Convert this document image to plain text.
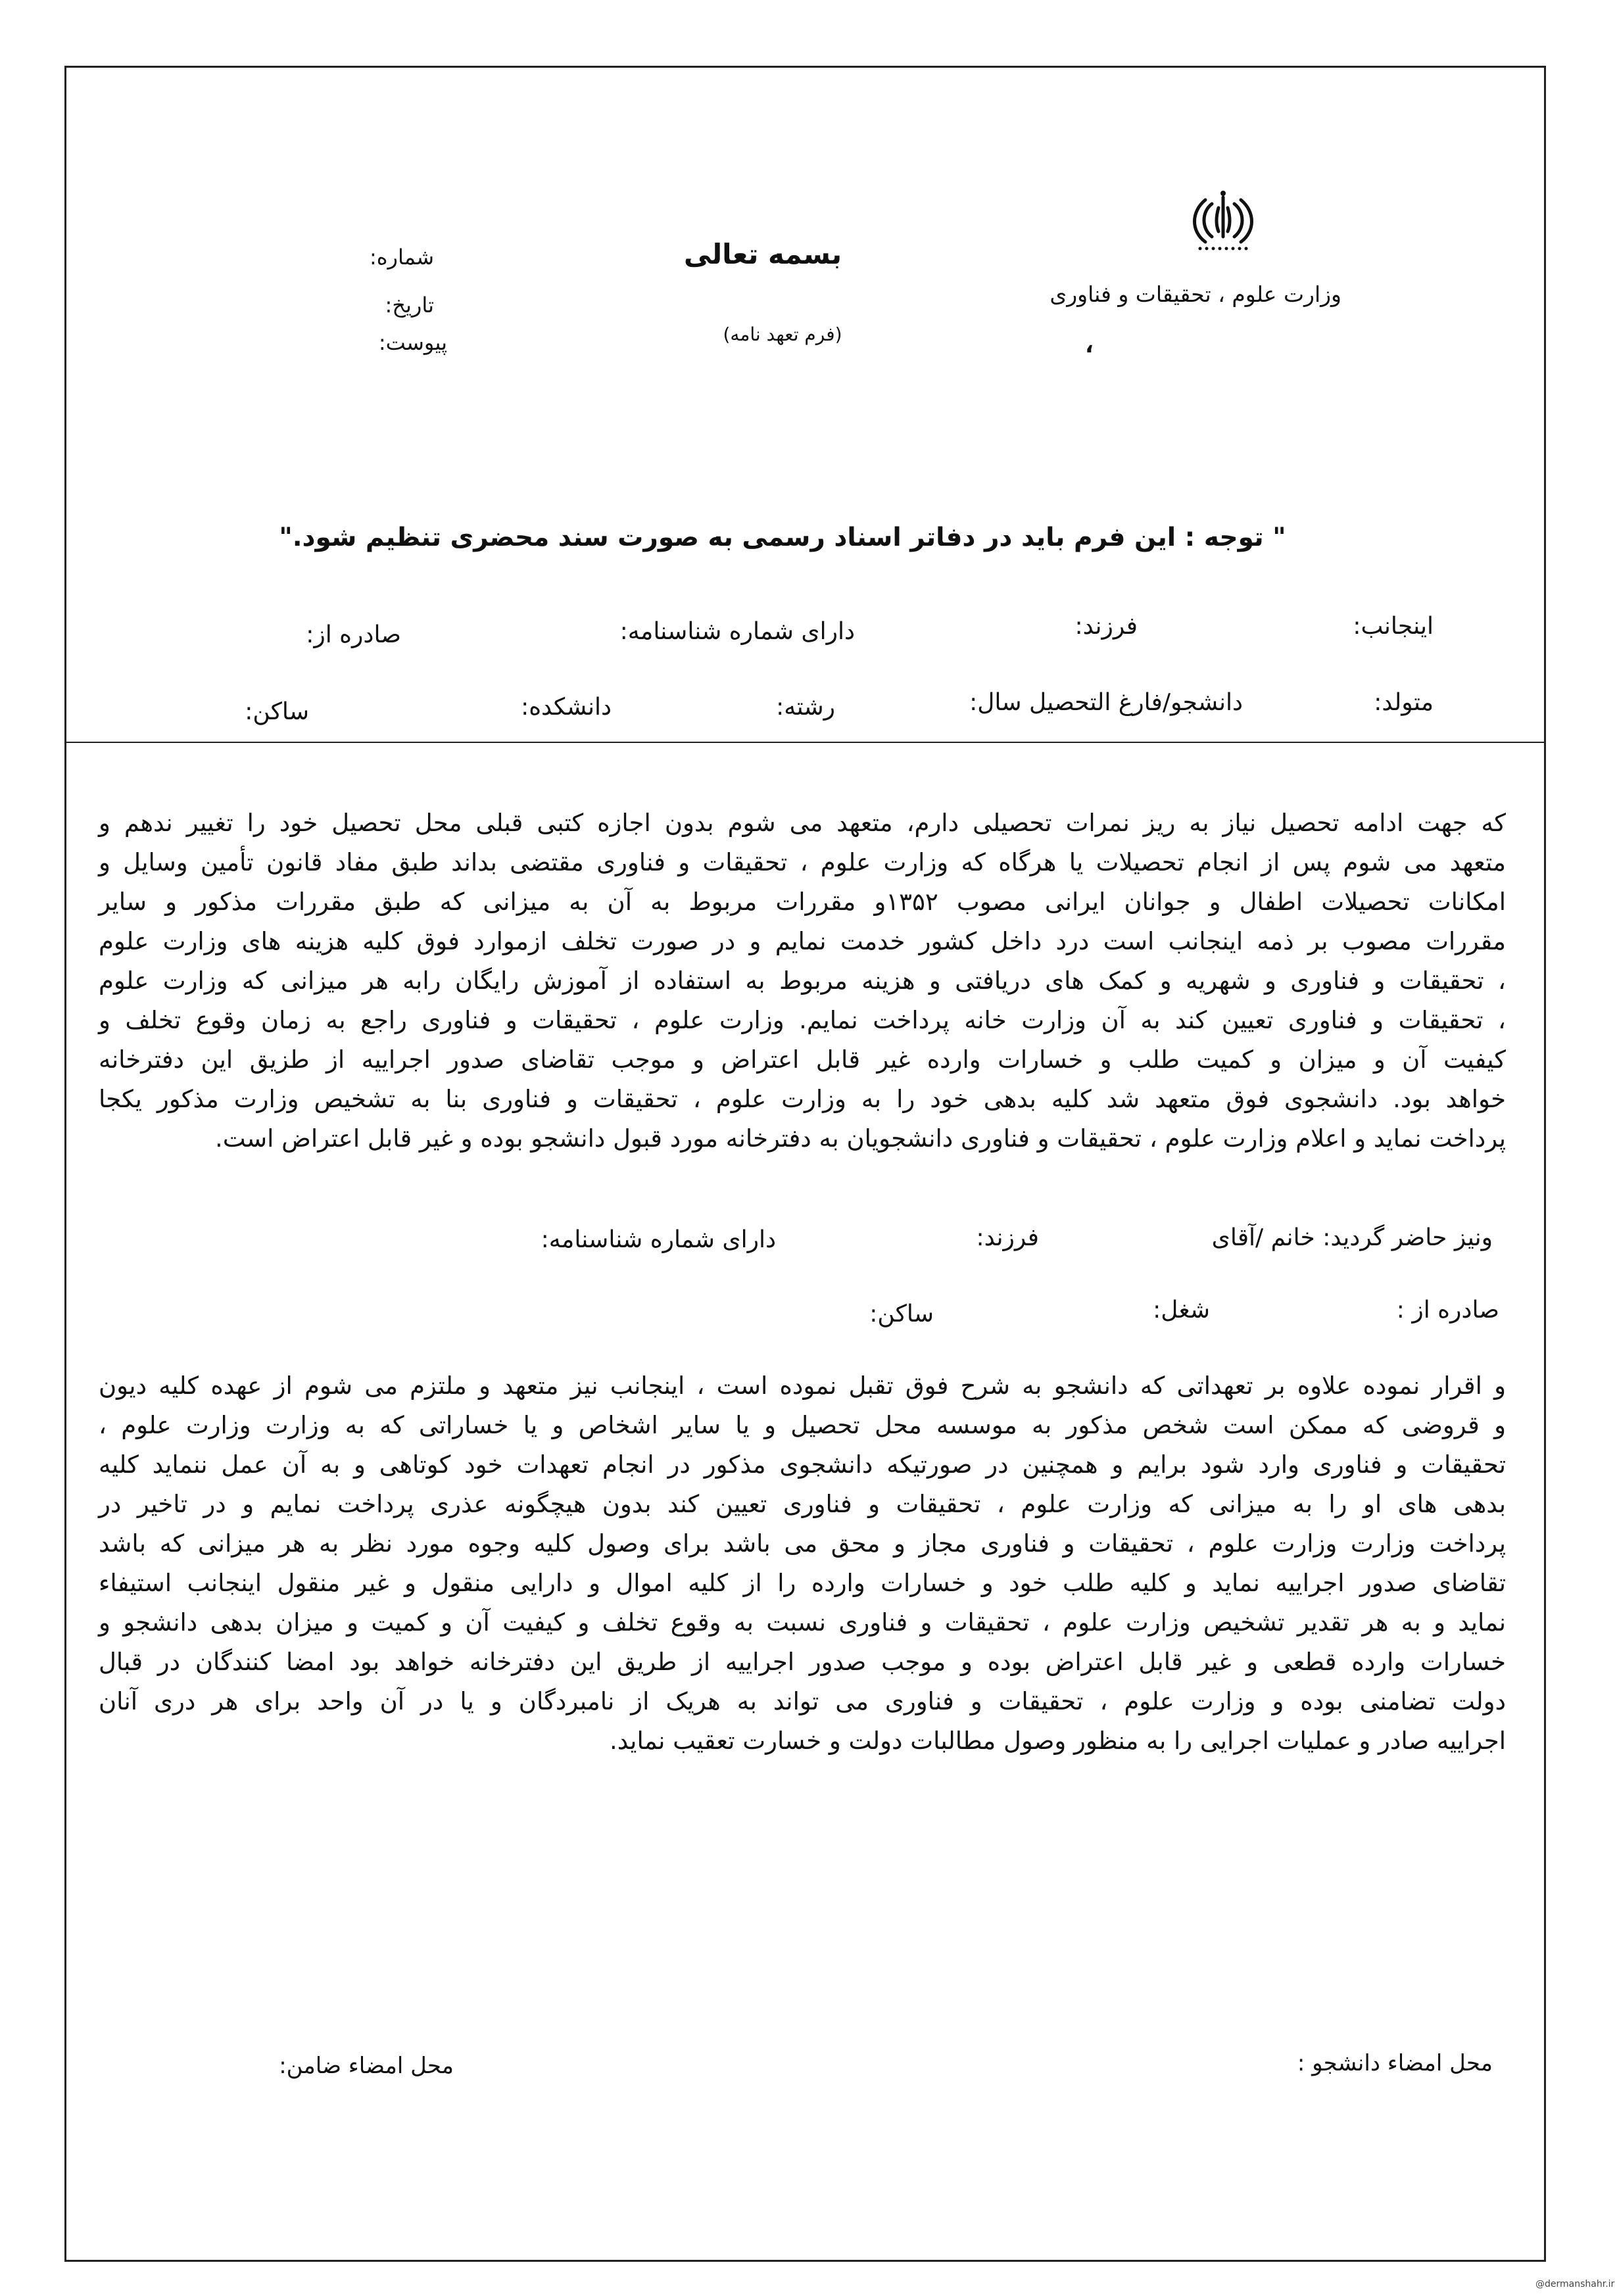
وزارت علوم ، تحقیقات و فناوری
،
بسمه تعالی
(فرم تعهد نامه)
شماره:
تاریخ:
پیوست:
" توجه : این فرم باید در دفاتر اسناد رسمی به صورت سند محضری تنظیم شود."
اینجانب:
فرزند:
دارای شماره شناسنامه:
صادره از:
متولد:
دانشجو/فارغ التحصیل سال:
رشته:
دانشکده:
ساکن:
که جهت ادامه تحصیل نیاز به ریز نمرات تحصیلی دارم، متعهد می شوم بدون اجازه کتبی قبلی محل تحصیل خود را تغییر ندهم و
متعهد می شوم پس از انجام تحصیلات یا هرگاه که وزارت علوم ، تحقیقات و فناوری مقتضی بداند طبق مفاد قانون تأمین وسایل و
امکانات تحصیلات اطفال و جوانان ایرانی مصوب ۱۳۵۲و مقررات مربوط به آن به میزانی که طبق مقررات مذکور و سایر
مقررات مصوب بر ذمه اینجانب است درد داخل کشور خدمت نمایم و در صورت تخلف ازموارد فوق کلیه هزینه های وزارت علوم
، تحقیقات و فناوری و شهریه و کمک های دریافتی و هزینه مربوط به استفاده از آموزش رایگان رابه هر میزانی که وزارت علوم
، تحقیقات و فناوری تعیین کند به آن وزارت خانه پرداخت نمایم. وزارت علوم ، تحقیقات و فناوری راجع به زمان وقوع تخلف و
کیفیت آن و میزان و کمیت طلب و خسارات وارده غیر قابل اعتراض و موجب تقاضای صدور اجراییه از طزیق این دفترخانه
خواهد بود. دانشجوی فوق متعهد شد کلیه بدهی خود را به وزارت علوم ، تحقیقات و فناوری بنا به تشخیص وزارت مذکور یکجا
پرداخت نماید و اعلام وزارت علوم ، تحقیقات و فناوری دانشجویان به دفترخانه مورد قبول دانشجو بوده و غیر قابل اعتراض است.
ونیز حاضر گردید: خانم /آقای
فرزند:
دارای شماره شناسنامه:
صادره از :
شغل:
ساکن:
و اقرار نموده علاوه بر تعهداتی که دانشجو به شرح فوق تقبل نموده است ، اینجانب نیز متعهد و ملتزم می شوم از عهده کلیه دیون
و قروضی که ممکن است شخص مذکور به موسسه محل تحصیل و یا سایر اشخاص و یا خساراتی که به وزارت وزارت علوم ،
تحقیقات و فناوری وارد شود برایم و همچنین در صورتیکه دانشجوی مذکور در انجام تعهدات خود کوتاهی و به آن عمل ننماید کلیه
بدهی های او را به میزانی که وزارت علوم ، تحقیقات و فناوری تعیین کند بدون هیچگونه عذری پرداخت نمایم و در تاخیر در
پرداخت وزارت وزارت علوم ، تحقیقات و فناوری مجاز و محق می باشد برای وصول کلیه وجوه مورد نظر به هر میزانی که باشد
تقاضای صدور اجراییه نماید و کلیه طلب خود و خسارات وارده را از کلیه اموال و دارایی منقول و غیر منقول اینجانب استیفاء
نماید و به هر تقدیر تشخیص وزارت علوم ، تحقیقات و فناوری نسبت به وقوع تخلف و کیفیت آن و کمیت و میزان بدهی دانشجو و
خسارات وارده قطعی و غیر قابل اعتراض بوده و موجب صدور اجراییه از طریق این دفترخانه خواهد بود امضا کنندگان در قبال
دولت تضامنی بوده و وزارت علوم ، تحقیقات و فناوری می تواند به هریک از نامبردگان و یا در آن واحد برای هر دری آنان
اجراییه صادر و عملیات اجرایی را به منظور وصول مطالبات دولت و خسارت تعقیب نماید.
محل امضاء دانشجو :
محل امضاء ضامن:
@dermanshahr.ir
